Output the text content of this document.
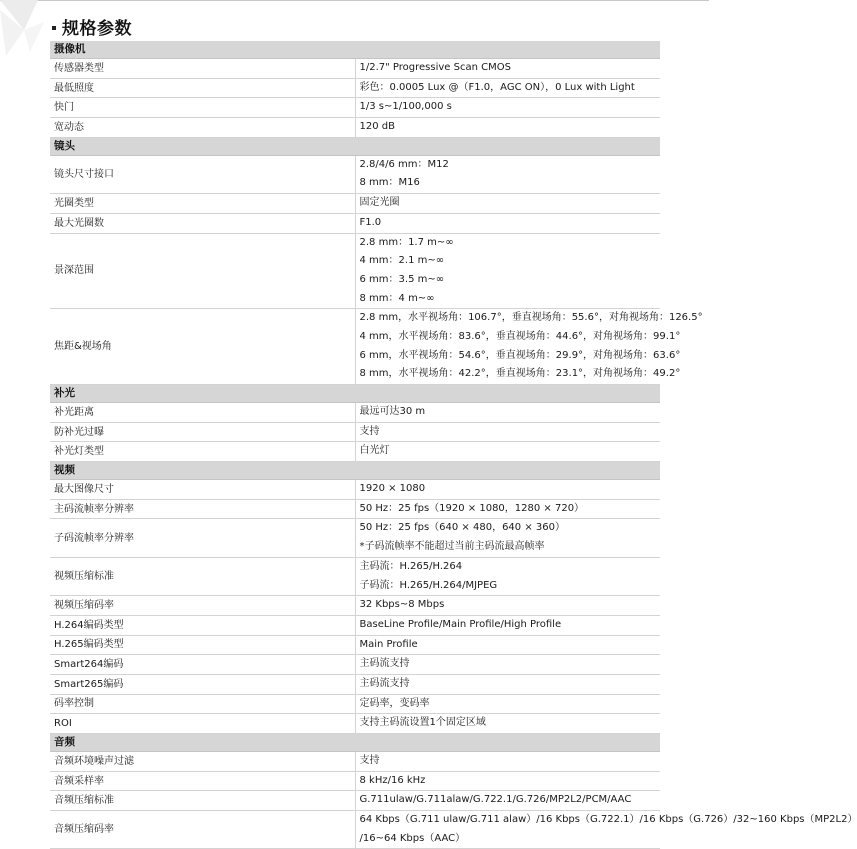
规格参数
摄像机	
传感器类型	1/2.7" Progressive Scan CMOS

最低照度	彩色：0.0005 Lux @（F1.0，AGC ON），0 Lux with Light

快门	1/3 s~1/100,000 s

宽动态	120 dB

镜头	
镜头尺寸接口	2.8/4/6 mm：M12
8 mm：M16

光圈类型	固定光圈

最大光圈数	F1.0

景深范围	2.8 mm：1.7 m~∞
4 mm：2.1 m~∞
6 mm：3.5 m~∞
8 mm：4 m~∞

焦距&视场角	2.8 mm，水平视场角：106.7°，垂直视场角：55.6°，对角视场角：126.5°
4 mm，水平视场角：83.6°，垂直视场角：44.6°，对角视场角：99.1°
6 mm，水平视场角：54.6°，垂直视场角：29.9°，对角视场角：63.6°
8 mm，水平视场角：42.2°，垂直视场角：23.1°，对角视场角：49.2°

补光	
补光距离	最远可达30 m

防补光过曝	支持

补光灯类型	白光灯

视频	
最大图像尺寸	1920 × 1080

主码流帧率分辨率	50 Hz：25 fps（1920 × 1080，1280 × 720）

子码流帧率分辨率	50 Hz：25 fps（640 × 480，640 × 360）
*子码流帧率不能超过当前主码流最高帧率

视频压缩标准	主码流：H.265/H.264
子码流：H.265/H.264/MJPEG

视频压缩码率	32 Kbps~8 Mbps

H.264编码类型	BaseLine Profile/Main Profile/High Profile

H.265编码类型	Main Profile

Smart264编码	主码流支持

Smart265编码	主码流支持

码率控制	定码率，变码率

ROI	支持主码流设置1个固定区域

音频	
音频环境噪声过滤	支持

音频采样率	8 kHz/16 kHz

音频压缩标准	G.711ulaw/G.711alaw/G.722.1/G.726/MP2L2/PCM/AAC

音频压缩码率	64 Kbps（G.711 ulaw/G.711 alaw）/16 Kbps（G.722.1）/16 Kbps（G.726）/32~160 Kbps（MP2L2）
/16~64 Kbps（AAC）
